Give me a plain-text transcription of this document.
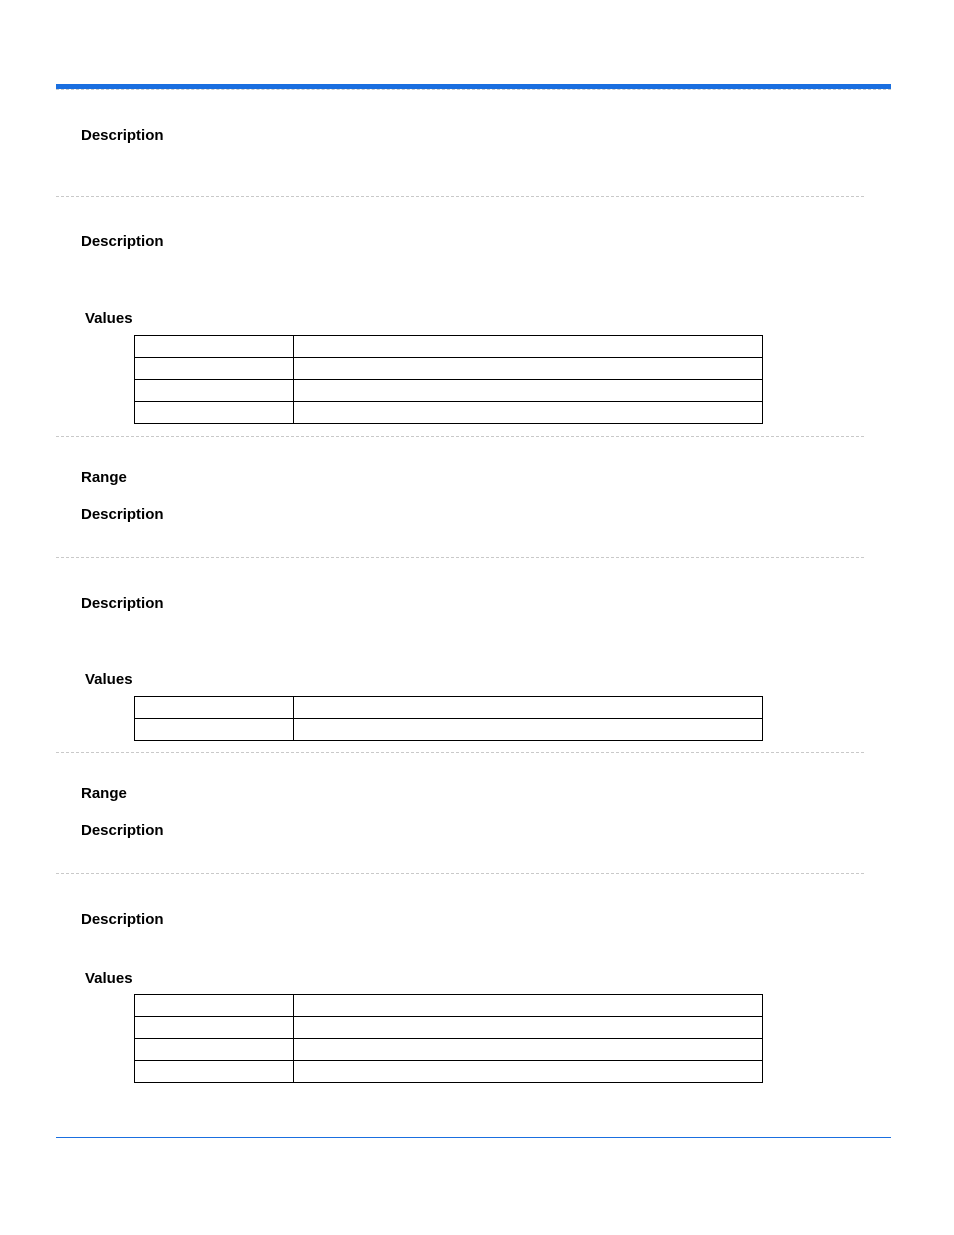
Description
Description
Values

Range
Description
Description
Values

Range
Description
Description
Values
